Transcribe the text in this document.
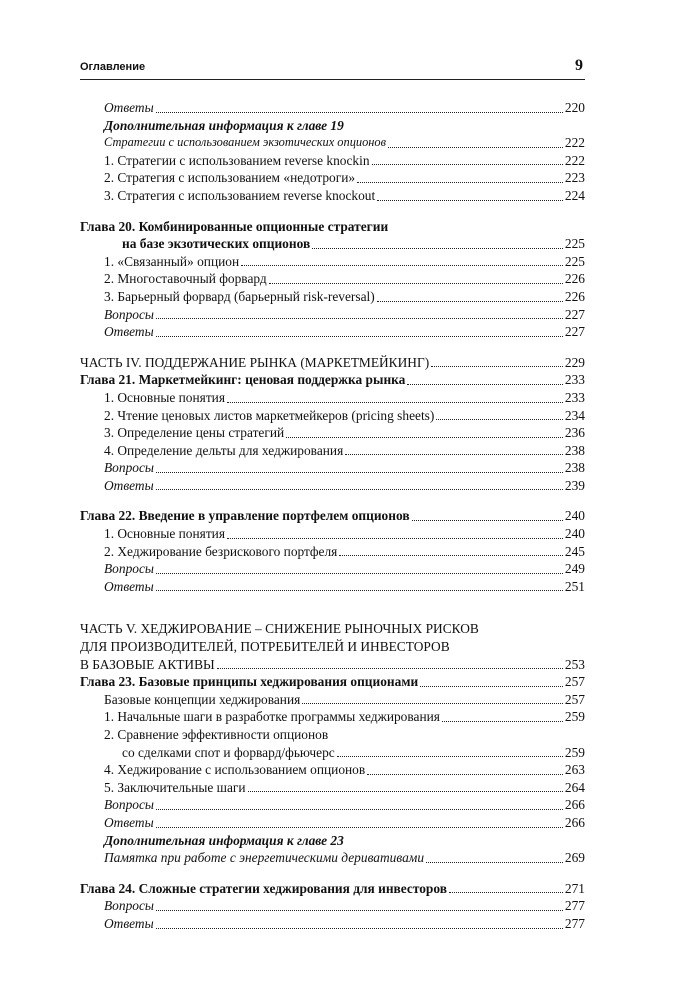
Оглавление	9
Ответы	220
Дополнительная информация к главе 19
Стратегии с использованием экзотических опционов	222
1. Стратегии с использованием reverse knockin	222
2. Стратегия с использованием «недотроги»	223
3. Стратегия с использованием reverse knockout	224
Глава 20. Комбинированные опционные стратегии
на базе экзотических опционов	225
1. «Связанный» опцион	225
2. Многоставочный форвард	226
3. Барьерный форвард (барьерный risk-reversal)	226
Вопросы	227
Ответы	227
ЧАСТЬ IV. ПОДДЕРЖАНИЕ РЫНКА (МАРКЕТМЕЙКИНГ)	229
Глава 21. Маркетмейкинг: ценовая поддержка рынка	233
1. Основные понятия	233
2. Чтение ценовых листов маркетмейкеров (pricing sheets)	234
3. Определение цены стратегий	236
4. Определение дельты для хеджирования	238
Вопросы	238
Ответы	239
Глава 22. Введение в управление портфелем опционов	240
1. Основные понятия	240
2. Хеджирование безрискового портфеля	245
Вопросы	249
Ответы	251
ЧАСТЬ V. ХЕДЖИРОВАНИЕ – СНИЖЕНИЕ РЫНОЧНЫХ РИСКОВ
ДЛЯ ПРОИЗВОДИТЕЛЕЙ, ПОТРЕБИТЕЛЕЙ И ИНВЕСТОРОВ
В БАЗОВЫЕ АКТИВЫ	253
Глава 23. Базовые принципы хеджирования опционами	257
Базовые концепции хеджирования	257
1. Начальные шаги в разработке программы хеджирования	259
2. Сравнение эффективности опционов
со сделками спот и форвард/фьючерс	259
4. Хеджирование с использованием опционов	263
5. Заключительные шаги	264
Вопросы	266
Ответы	266
Дополнительная информация к главе 23
Памятка при работе с энергетическими деривативами	269
Глава 24. Сложные стратегии хеджирования для инвесторов	271
Вопросы	277
Ответы	277
